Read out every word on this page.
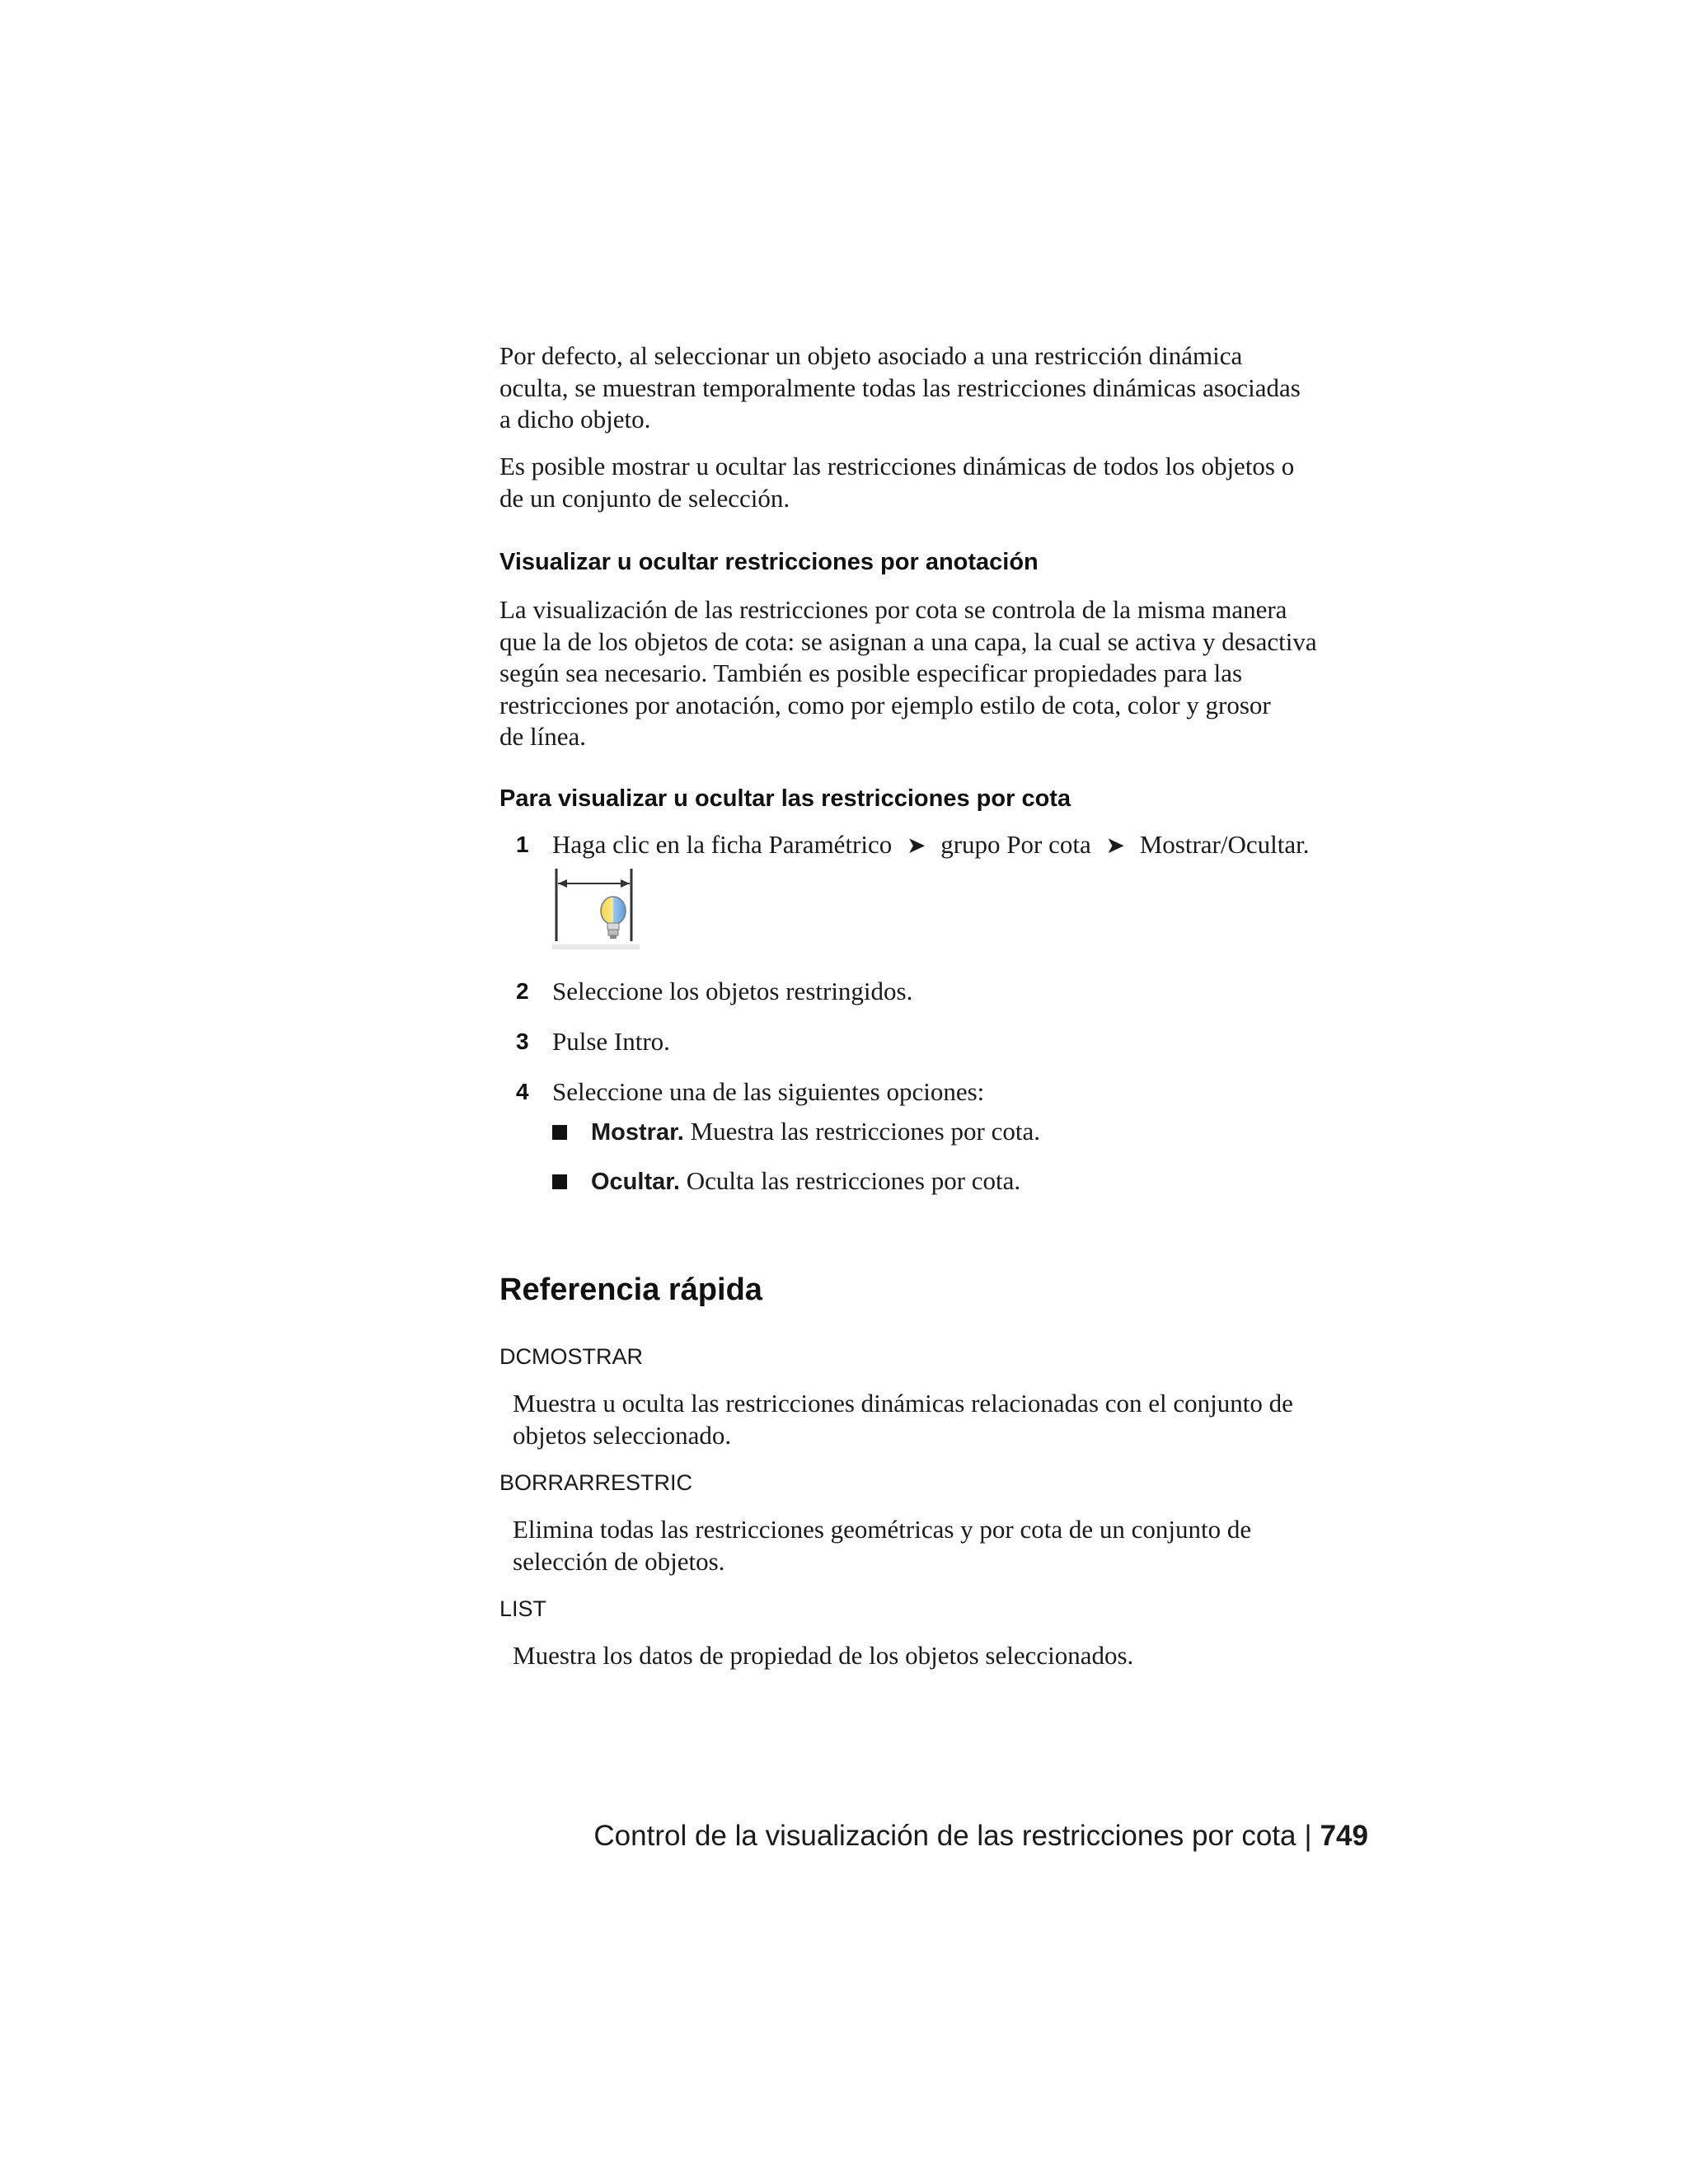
Por defecto, al seleccionar un objeto asociado a una restricción dinámica

oculta, se muestran temporalmente todas las restricciones dinámicas asociadas

a dicho objeto.

Es posible mostrar u ocultar las restricciones dinámicas de todos los objetos o

de un conjunto de selección.

Visualizar u ocultar restricciones por anotación

La visualización de las restricciones por cota se controla de la misma manera

que la de los objetos de cota: se asignan a una capa, la cual se activa y desactiva

según sea necesario. También es posible especificar propiedades para las

restricciones por anotación, como por ejemplo estilo de cota, color y grosor

de línea.

Para visualizar u ocultar las restricciones por cota

1 Haga clic en la ficha Paramétrico ➤ grupo Por cota ➤ Mostrar/Ocultar.

2 Seleccione los objetos restringidos.

3 Pulse Intro.

4 Seleccione una de las siguientes opciones:

Mostrar. Muestra las restricciones por cota.

Ocultar. Oculta las restricciones por cota.

Referencia rápida

DCMOSTRAR

Muestra u oculta las restricciones dinámicas relacionadas con el conjunto de

objetos seleccionado.

BORRARRESTRIC

Elimina todas las restricciones geométricas y por cota de un conjunto de

selección de objetos.

LIST

Muestra los datos de propiedad de los objetos seleccionados.

Control de la visualización de las restricciones por cota | 749
